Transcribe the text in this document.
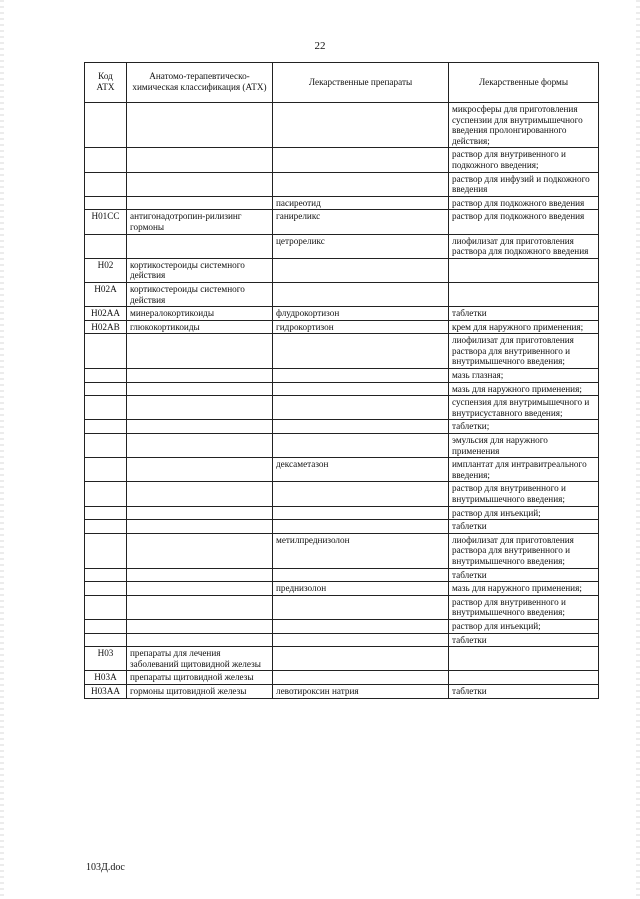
22
Код АТХ	Анатомо-терапевтическо-химическая классификация (АТХ)	Лекарственные препараты	Лекарственные формы
			микросферы для приготовления суспензии для внутримышечного введения пролонгированного действия;
			раствор для внутривенного и подкожного введения;
			раствор для инфузий и подкожного введения
		пасиреотид	раствор для подкожного введения
H01CC	антигонадотропин-рилизинг гормоны	ганиреликс	раствор для подкожного введения
		цетрореликс	лиофилизат для приготовления раствора для подкожного введения
H02	кортикостероиды системного действия		
H02A	кортикостероиды системного действия		
H02AA	минералокортикоиды	флудрокортизон	таблетки
H02AB	глюкокортикоиды	гидрокортизон	крем для наружного применения;
			лиофилизат для приготовления раствора для внутривенного и внутримышечного введения;
			мазь глазная;
			мазь для наружного применения;
			суспензия для внутримышечного и внутрисуставного введения;
			таблетки;
			эмульсия для наружного применения
		дексаметазон	имплантат для интравитреального введения;
			раствор для внутривенного и внутримышечного введения;
			раствор для инъекций;
			таблетки
		метилпреднизолон	лиофилизат для приготовления раствора для внутривенного и внутримышечного введения;
			таблетки
		преднизолон	мазь для наружного применения;
			раствор для внутривенного и внутримышечного введения;
			раствор для инъекций;
			таблетки
H03	препараты для лечения заболеваний щитовидной железы		
H03A	препараты щитовидной железы		
H03AA	гормоны щитовидной железы	левотироксин натрия	таблетки
103Д.doc
